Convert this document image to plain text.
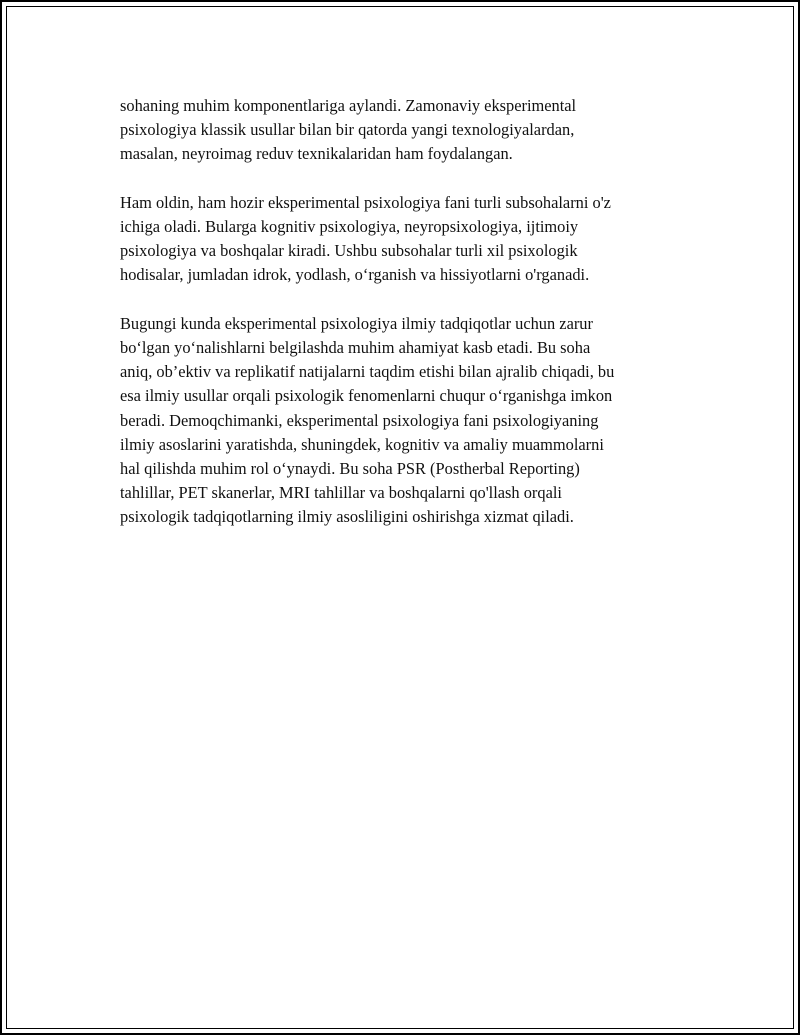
sohaning muhim komponentlariga aylandi. Zamonaviy eksperimental
psixologiya klassik usullar bilan bir qatorda yangi texnologiyalardan,
masalan, neyroimag reduv texnikalaridan ham foydalangan.

Ham oldin, ham hozir eksperimental psixologiya fani turli subsohalarni o'z
ichiga oladi. Bularga kognitiv psixologiya, neyropsixologiya, ijtimoiy
psixologiya va boshqalar kiradi. Ushbu subsohalar turli xil psixologik
hodisalar, jumladan idrok, yodlash, o‘rganish va hissiyotlarni o'rganadi.

Bugungi kunda eksperimental psixologiya ilmiy tadqiqotlar uchun zarur
bo‘lgan yo‘nalishlarni belgilashda muhim ahamiyat kasb etadi. Bu soha
aniq, ob’ektiv va replikatif natijalarni taqdim etishi bilan ajralib chiqadi, bu
esa ilmiy usullar orqali psixologik fenomenlarni chuqur o‘rganishga imkon
beradi. Demoqchimanki, eksperimental psixologiya fani psixologiyaning
ilmiy asoslarini yaratishda, shuningdek, kognitiv va amaliy muammolarni
hal qilishda muhim rol o‘ynaydi. Bu soha PSR (Postherbal Reporting)
tahlillar, PET skanerlar, MRI tahlillar va boshqalarni qo'llash orqali
psixologik tadqiqotlarning ilmiy asosliligini oshirishga xizmat qiladi.
